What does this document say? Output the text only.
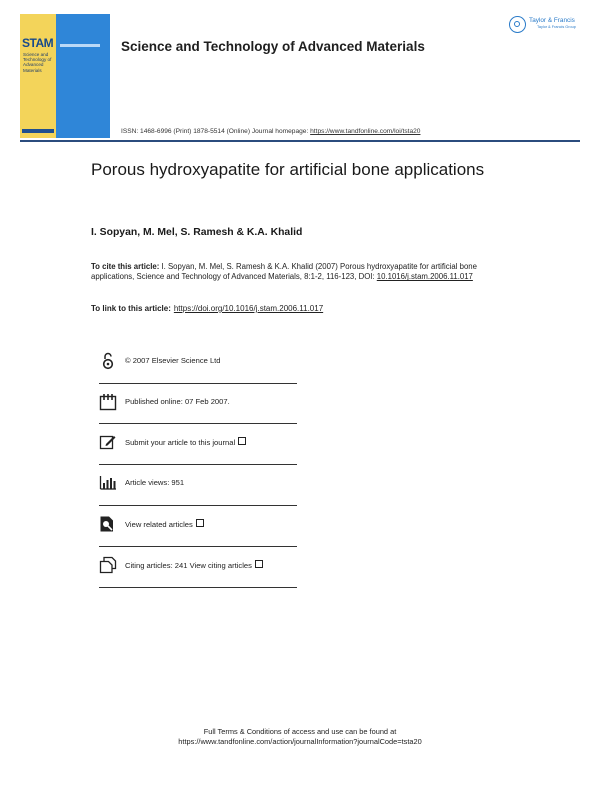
STAM
Science and Technology of Advanced Materials
Science and Technology of Advanced Materials
ISSN: 1468-6996 (Print) 1878-5514 (Online) Journal homepage: https://www.tandfonline.com/loi/tsta20
Taylor & Francis
Taylor & Francis Group
Porous hydroxyapatite for artificial bone applications
I. Sopyan, M. Mel, S. Ramesh & K.A. Khalid
To cite this article: I. Sopyan, M. Mel, S. Ramesh & K.A. Khalid (2007) Porous hydroxyapatite for artificial bone applications, Science and Technology of Advanced Materials, 8:1-2, 116-123, DOI: 10.1016/j.stam.2006.11.017
To link to this article: https://doi.org/10.1016/j.stam.2006.11.017
© 2007 Elsevier Science Ltd
Published online: 07 Feb 2007.
Submit your article to this journal
Article views: 951
View related articles
Citing articles: 241 View citing articles
Full Terms & Conditions of access and use can be found at
https://www.tandfonline.com/action/journalInformation?journalCode=tsta20
